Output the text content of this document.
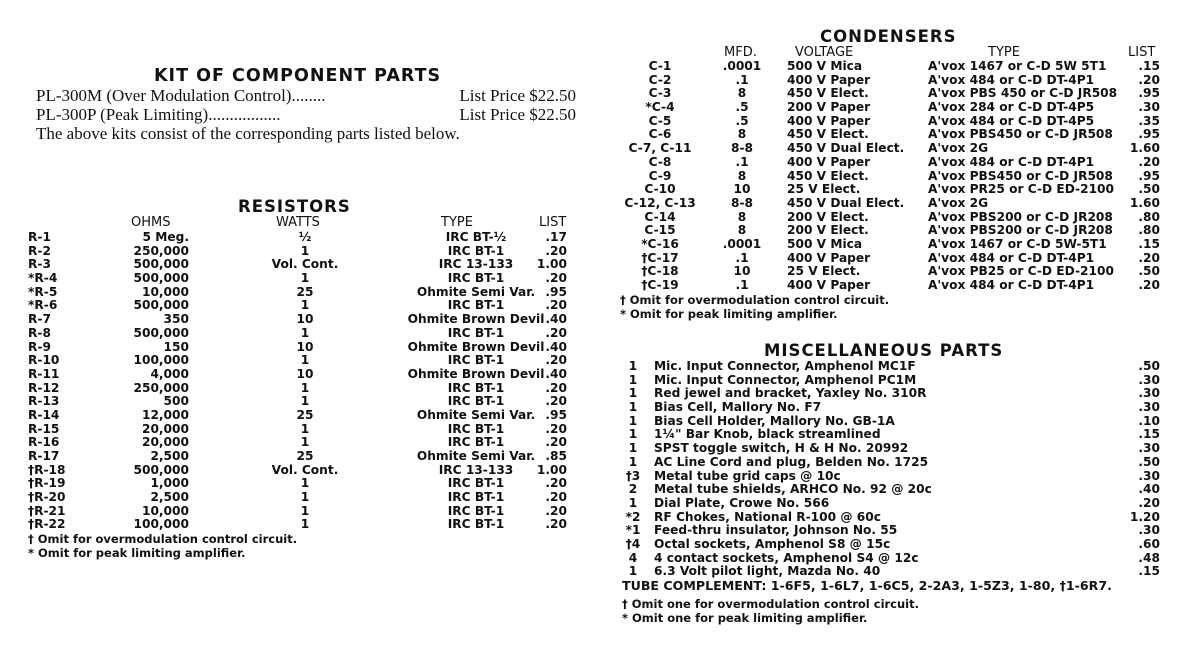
KIT OF COMPONENT PARTS
PL-300M (Over Modulation Control)........	List Price $22.50
PL-300P (Peak Limiting).................	List Price $22.50
The above kits consist of the corresponding parts listed below.
RESISTORS
OHMS	WATTS	TYPE	LIST
R-1	5 Meg.	½	IRC BT-½	.17
R-2	250,000	1	IRC BT-1	.20
R-3	500,000	Vol. Cont.	IRC 13-133 1.00
*R-4	500,000	1	IRC BT-1	.20
*R-5	10,000	25	Ohmite Semi Var. .95
*R-6	500,000	1	IRC BT-1	.20
R-7	350	10	Ohmite Brown Devil .40
R-8	500,000	1	IRC BT-1	.20
R-9	150	10	Ohmite Brown Devil .40
R-10	100,000	1	IRC BT-1	.20
R-11	4,000	10	Ohmite Brown Devil .40
R-12	250,000	1	IRC BT-1	.20
R-13	500	1	IRC BT-1	.20
R-14	12,000	25	Ohmite Semi Var. .95
R-15	20,000	1	IRC BT-1	.20
R-16	20,000	1	IRC BT-1	.20
R-17	2,500	25	Ohmite Semi Var. .85
†R-18	500,000	Vol. Cont.	IRC 13-133 1.00
†R-19	1,000	1	IRC BT-1	.20
†R-20	2,500	1	IRC BT-1	.20
†R-21	10,000	1	IRC BT-1	.20
†R-22	100,000	1	IRC BT-1	.20
† Omit for overmodulation control circuit.
* Omit for peak limiting amplifier.
CONDENSERS
MFD.	VOLTAGE	TYPE	LIST
C-1	.0001 500 V Mica	A'vox 1467 or C-D 5W 5T1	.15
C-2	.1	400 V Paper	A'vox 484 or C-D DT-4P1	.20
C-3	8	450 V Elect.	A'vox PBS 450 or C-D JR508 .95
*C-4	.5	200 V Paper	A'vox 284 or C-D DT-4P5	.30
C-5	.5	400 V Paper	A'vox 484 or C-D DT-4P5	.35
C-6	8	450 V Elect.	A'vox PBS450 or C-D JR508 .95
C-7, C-11	8-8	450 V Dual Elect. A'vox 2G	1.60
C-8	.1	400 V Paper	A'vox 484 or C-D DT-4P1	.20
C-9	8	450 V Elect.	A'vox PBS450 or C-D JR508 .95
C-10	10	25 V Elect.	A'vox PR25 or C-D ED-2100 .50
C-12, C-13	8-8	450 V Dual Elect. A'vox 2G	1.60
C-14	8	200 V Elect.	A'vox PBS200 or C-D JR208 .80
C-15	8	200 V Elect.	A'vox PBS200 or C-D JR208 .80
*C-16	.0001 500 V Mica	A'vox 1467 or C-D 5W-5T1	.15
†C-17	.1	400 V Paper	A'vox 484 or C-D DT-4P1	.20
†C-18	10	25 V Elect.	A'vox PB25 or C-D ED-2100 .50
†C-19	.1	400 V Paper	A'vox 484 or C-D DT-4P1	.20
† Omit for overmodulation control circuit.
* Omit for peak limiting amplifier.
MISCELLANEOUS PARTS
1 Mic. Input Connector, Amphenol MC1F	.50
1 Mic. Input Connector, Amphenol PC1M	.30
1 Red jewel and bracket, Yaxley No. 310R	.30
1 Bias Cell, Mallory No. F7	.30
1 Bias Cell Holder, Mallory No. GB-1A	.10
1 1¼" Bar Knob, black streamlined	.15
1 SPST toggle switch, H & H No. 20992	.30
1 AC Line Cord and plug, Belden No. 1725	.50
†3 Metal tube grid caps @ 10c	.30
2 Metal tube shields, ARHCO No. 92 @ 20c	.40
1 Dial Plate, Crowe No. 566	.20
*2 RF Chokes, National R-100 @ 60c	1.20
*1 Feed-thru insulator, Johnson No. 55	.30
†4 Octal sockets, Amphenol S8 @ 15c	.60
4 4 contact sockets, Amphenol S4 @ 12c	.48
1 6.3 Volt pilot light, Mazda No. 40	.15
TUBE COMPLEMENT: 1-6F5, 1-6L7, 1-6C5, 2-2A3, 1-5Z3, 1-80, †1-6R7.
† Omit one for overmodulation control circuit.
* Omit one for peak limiting amplifier.
